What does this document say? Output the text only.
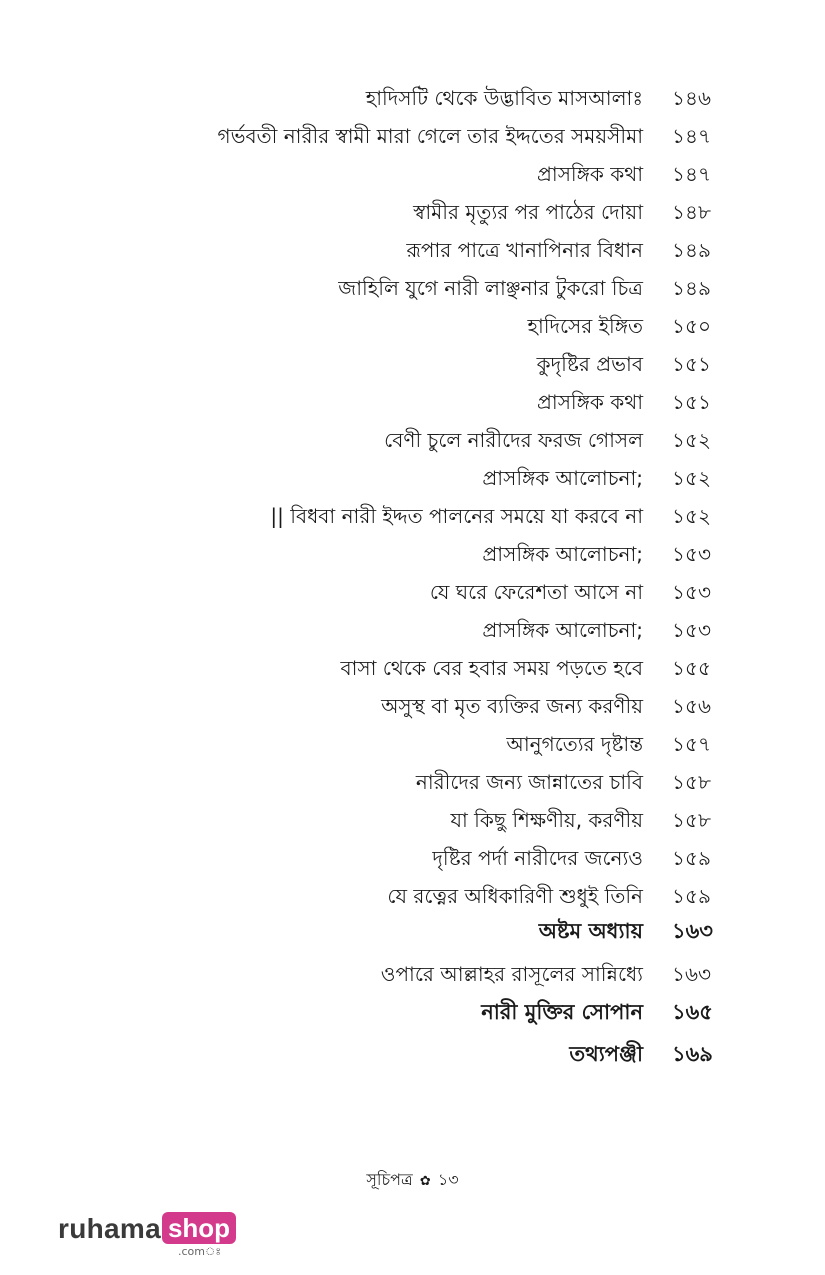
হাদিসটি থেকে উদ্ভাবিত মাসআলাঃ ১৪৬
গর্ভবতী নারীর স্বামী মারা গেলে তার ইদ্দতের সময়সীমা ১৪৭
প্রাসঙ্গিক কথা ১৪৭
স্বামীর মৃত্যুর পর পাঠের দোয়া ১৪৮
রূপার পাত্রে খানাপিনার বিধান ১৪৯
জাহিলি যুগে নারী লাঞ্ছনার টুকরো চিত্র ১৪৯
হাদিসের ইঙ্গিত ১৫০
কুদৃষ্টির প্রভাব ১৫১
প্রাসঙ্গিক কথা ১৫১
বেণী চুলে নারীদের ফরজ গোসল ১৫২
প্রাসঙ্গিক আলোচনা; ১৫২
|| বিধবা নারী ইদ্দত পালনের সময়ে যা করবে না ১৫২
প্রাসঙ্গিক আলোচনা; ১৫৩
যে ঘরে ফেরেশতা আসে না ১৫৩
প্রাসঙ্গিক আলোচনা; ১৫৩
বাসা থেকে বের হবার সময় পড়তে হবে ১৫৫
অসুস্থ বা মৃত ব্যক্তির জন্য করণীয় ১৫৬
আনুগত্যের দৃষ্টান্ত ১৫৭
নারীদের জন্য জান্নাতের চাবি ১৫৮
যা কিছু শিক্ষণীয়, করণীয় ১৫৮
দৃষ্টির পর্দা নারীদের জন্যেও ১৫৯
যে রত্নের অধিকারিণী শুধুই তিনি ১৫৯
অষ্টম অধ্যায় ১৬৩
ওপারে আল্লাহর রাসূলের সান্নিধ্যে ১৬৩
নারী মুক্তির সোপান ১৬৫
তথ্যপঞ্জী ১৬৯
সূচিপত্র ✿ ১৩
ruhama shop
.comঃ
